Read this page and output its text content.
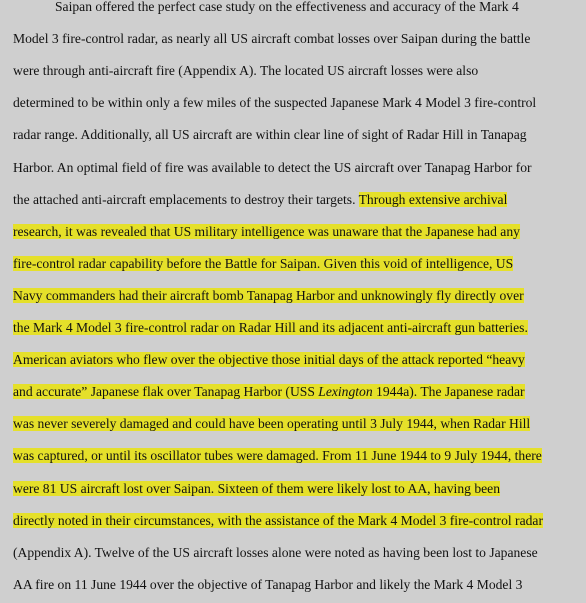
Saipan offered the perfect case study on the effectiveness and accuracy of the Mark 4
Model 3 fire-control radar, as nearly all US aircraft combat losses over Saipan during the battle
were through anti-aircraft fire (Appendix A). The located US aircraft losses were also
determined to be within only a few miles of the suspected Japanese Mark 4 Model 3 fire-control
radar range. Additionally, all US aircraft are within clear line of sight of Radar Hill in Tanapag
Harbor. An optimal field of fire was available to detect the US aircraft over Tanapag Harbor for
the attached anti-aircraft emplacements to destroy their targets. Through extensive archival
research, it was revealed that US military intelligence was unaware that the Japanese had any
fire-control radar capability before the Battle for Saipan. Given this void of intelligence, US
Navy commanders had their aircraft bomb Tanapag Harbor and unknowingly fly directly over
the Mark 4 Model 3 fire-control radar on Radar Hill and its adjacent anti-aircraft gun batteries.
American aviators who flew over the objective those initial days of the attack reported “heavy
and accurate” Japanese flak over Tanapag Harbor (USS Lexington 1944a). The Japanese radar
was never severely damaged and could have been operating until 3 July 1944, when Radar Hill
was captured, or until its oscillator tubes were damaged. From 11 June 1944 to 9 July 1944, there
were 81 US aircraft lost over Saipan. Sixteen of them were likely lost to AA, having been
directly noted in their circumstances, with the assistance of the Mark 4 Model 3 fire-control radar
(Appendix A). Twelve of the US aircraft losses alone were noted as having been lost to Japanese
AA fire on 11 June 1944 over the objective of Tanapag Harbor and likely the Mark 4 Model 3
